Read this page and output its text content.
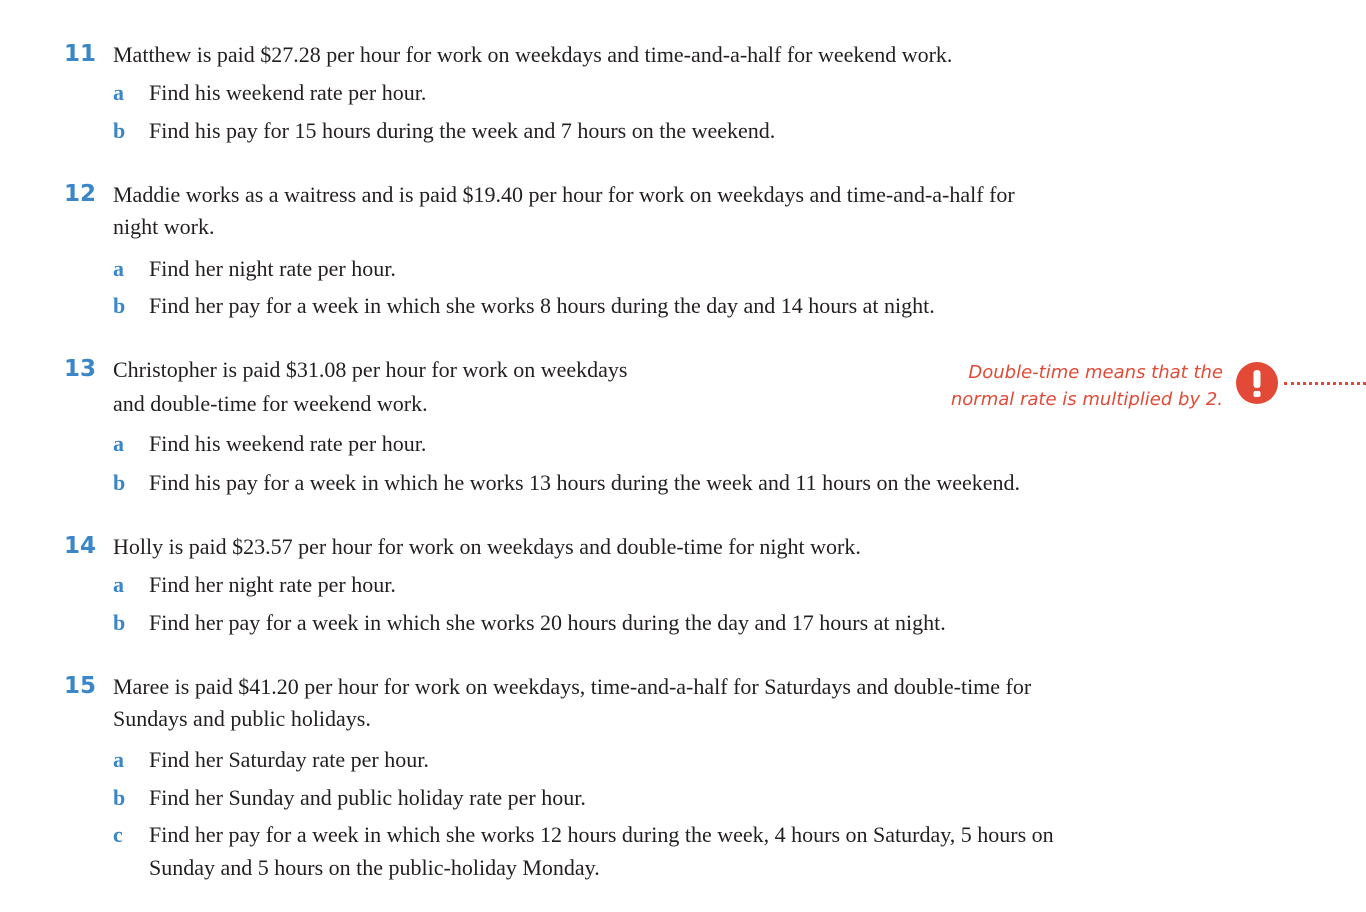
11 Matthew is paid $27.28 per hour for work on weekdays and time-and-a-half for weekend work.
a Find his weekend rate per hour.
b Find his pay for 15 hours during the week and 7 hours on the weekend.
12 Maddie works as a waitress and is paid $19.40 per hour for work on weekdays and time-and-a-half for
night work.
a Find her night rate per hour.
b Find her pay for a week in which she works 8 hours during the day and 14 hours at night.
13 Christopher is paid $31.08 per hour for work on weekdays
and double-time for weekend work.
a Find his weekend rate per hour.
b Find his pay for a week in which he works 13 hours during the week and 11 hours on the weekend.
Double-time means that the
normal rate is multiplied by 2.
14 Holly is paid $23.57 per hour for work on weekdays and double-time for night work.
a Find her night rate per hour.
b Find her pay for a week in which she works 20 hours during the day and 17 hours at night.
15 Maree is paid $41.20 per hour for work on weekdays, time-and-a-half for Saturdays and double-time for
Sundays and public holidays.
a Find her Saturday rate per hour.
b Find her Sunday and public holiday rate per hour.
c Find her pay for a week in which she works 12 hours during the week, 4 hours on Saturday, 5 hours on
Sunday and 5 hours on the public-holiday Monday.
